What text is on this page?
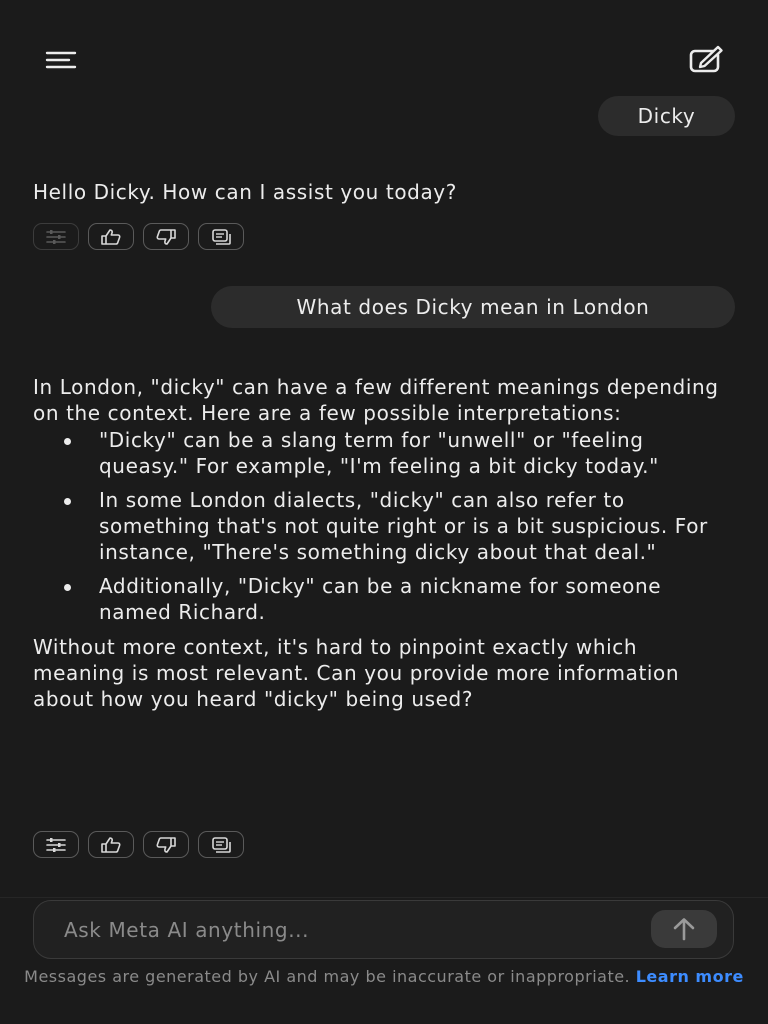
Dicky
Hello Dicky. How can I assist you today?
What does Dicky mean in London

In London, "dicky" can have a few different meanings depending on the context. Here are a few possible interpretations:

"Dicky" can be a slang term for "unwell" or "feeling queasy." For example, "I'm feeling a bit dicky today."
In some London dialects, "dicky" can also refer to something that's not quite right or is a bit suspicious. For instance, "There's something dicky about that deal."
Additionally, "Dicky" can be a nickname for someone named Richard.

Without more context, it's hard to pinpoint exactly which meaning is most relevant. Can you provide more information about how you heard "dicky" being used?

Ask Meta AI anything...
Messages are generated by AI and may be inaccurate or inappropriate. Learn more
